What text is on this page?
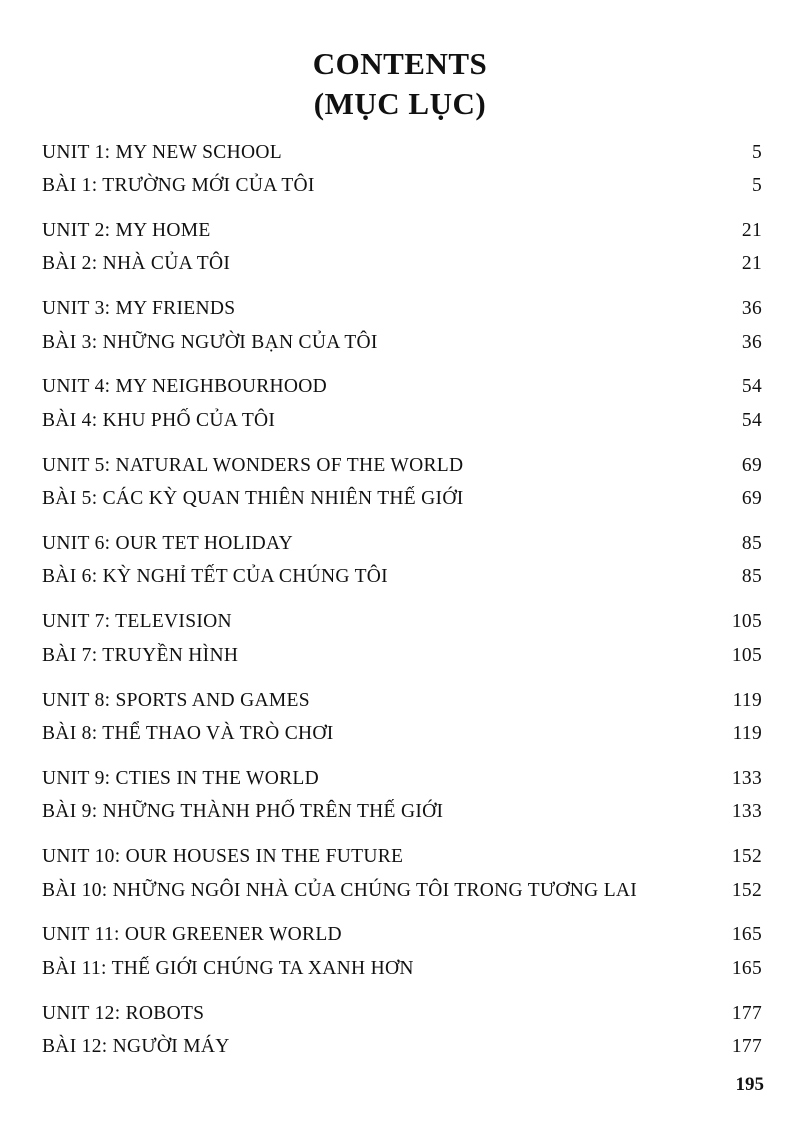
CONTENTS
(MỤC LỤC)
UNIT 1: MY NEW SCHOOL	5
BÀI 1: TRƯỜNG MỚI CỦA TÔI	5
UNIT 2: MY HOME	21
BÀI 2: NHÀ CỦA TÔI	21
UNIT 3: MY FRIENDS	36
BÀI 3: NHỮNG NGƯỜI BẠN CỦA TÔI	36
UNIT 4: MY NEIGHBOURHOOD	54
BÀI 4: KHU PHỐ CỦA TÔI	54
UNIT 5: NATURAL WONDERS OF THE WORLD	69
BÀI 5: CÁC KỲ QUAN THIÊN NHIÊN THẾ GIỚI	69
UNIT 6: OUR TET HOLIDAY	85
BÀI 6: KỲ NGHỈ TẾT CỦA CHÚNG TÔI	85
UNIT 7: TELEVISION	105
BÀI 7: TRUYỀN HÌNH	105
UNIT 8: SPORTS AND GAMES	119
BÀI 8: THỂ THAO VÀ TRÒ CHƠI	119
UNIT 9: CTIES IN THE WORLD	133
BÀI 9: NHỮNG THÀNH PHỐ TRÊN THẾ GIỚI	133
UNIT 10: OUR HOUSES IN THE FUTURE	152
BÀI 10: NHỮNG NGÔI NHÀ CỦA CHÚNG TÔI TRONG TƯƠNG LAI	152
UNIT 11: OUR GREENER WORLD	165
BÀI 11: THẾ GIỚI CHÚNG TA XANH HƠN	165
UNIT 12: ROBOTS	177
BÀI 12: NGƯỜI MÁY	177
195
